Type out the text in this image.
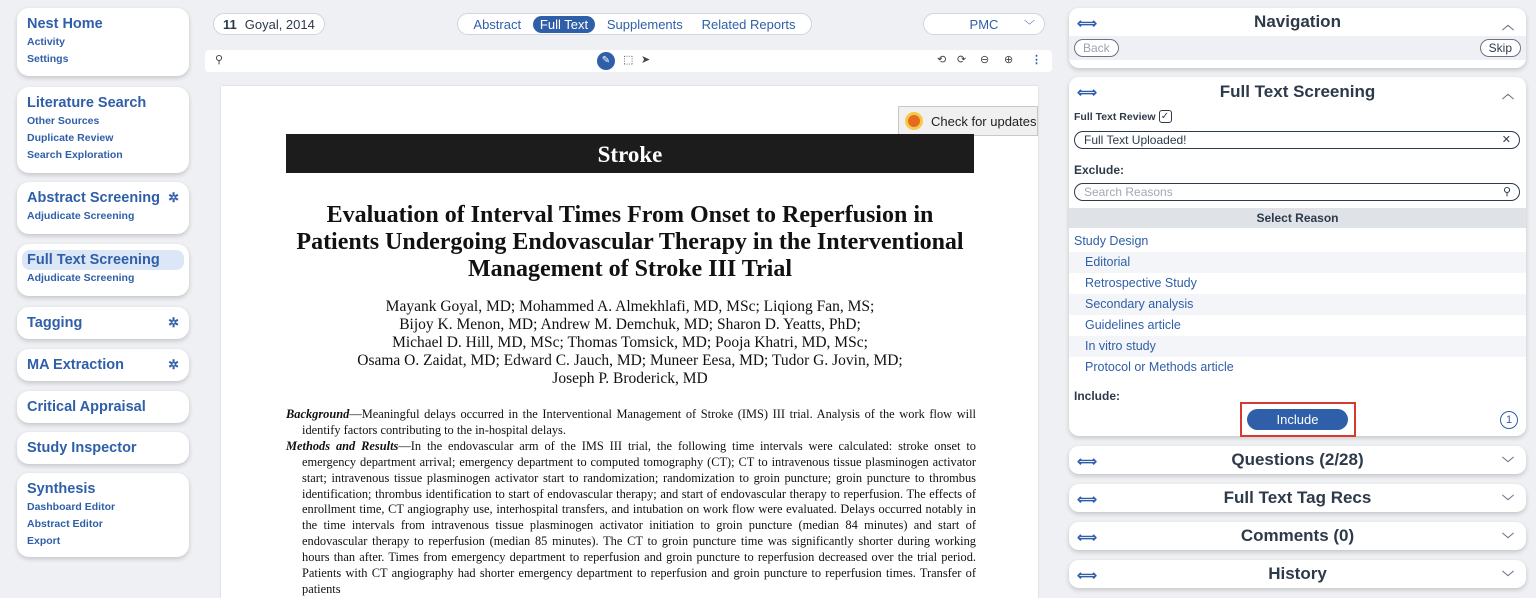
Nest Home
Activity
Settings
Literature Search
Other Sources
Duplicate Review
Search Exploration
Abstract Screening ✲
Adjudicate Screening
Full Text Screening
Adjudicate Screening
Tagging	✲
MA Extraction	✲
Critical Appraisal
Study Inspector
Synthesis
Dashboard Editor
Abstract Editor
Export
11 Goyal, 2014	Abstract	Full Text	Supplements	Related Reports	PMC ﹀
⚲	✎	⬚ ➤	⟲ ⟳ ⊖ ⊕ ⋮
Check for updates
Stroke
Evaluation of Interval Times From Onset to Reperfusion in Patients Undergoing Endovascular Therapy in the Interventional Management of Stroke III Trial
Mayank Goyal, MD; Mohammed A. Almekhlafi, MD, MSc; Liqiong Fan, MS;
Bijoy K. Menon, MD; Andrew M. Demchuk, MD; Sharon D. Yeatts, PhD;
Michael D. Hill, MD, MSc; Thomas Tomsick, MD; Pooja Khatri, MD, MSc;
Osama O. Zaidat, MD; Edward C. Jauch, MD; Muneer Eesa, MD; Tudor G. Jovin, MD;
Joseph P. Broderick, MD

Background—Meaningful delays occurred in the Interventional Management of Stroke (IMS) III trial. Analysis of the work flow will identify factors contributing to the in-hospital delays.

Methods and Results—In the endovascular arm of the IMS III trial, the following time intervals were calculated: stroke onset to emergency department arrival; emergency department to computed tomography (CT); CT to intravenous tissue plasminogen activator start; intravenous tissue plasminogen activator start to randomization; randomization to groin puncture; groin puncture to thrombus identification; thrombus identification to start of endovascular therapy; and start of endovascular therapy to reperfusion. The effects of enrollment time, CT angiography use, interhospital transfers, and intubation on work flow were evaluated. Delays occurred notably in the time intervals from intravenous tissue plasminogen activator initiation to groin puncture (median 84 minutes) and start of endovascular therapy to reperfusion (median 85 minutes). The CT to groin puncture time was significantly shorter during working hours than after. Times from emergency department to reperfusion and groin puncture to reperfusion decreased over the trial period. Patients with CT angiography had shorter emergency department to reperfusion and groin puncture to reperfusion times. Transfer of patients

⟺	Navigation	︿
Back	Skip
⟺	Full Text Screening	︿
Full Text Review ✓
Full Text Uploaded!	✕
Exclude:
Search Reasons	⚲
Select Reason
Study Design
Editorial
Retrospective Study
Secondary analysis
Guidelines article
In vitro study
Protocol or Methods article
Include:
Include	1
⟺	Questions (2/28)	﹀
⟺	Full Text Tag Recs	﹀
⟺	Comments (0)	﹀
⟺	History	﹀
